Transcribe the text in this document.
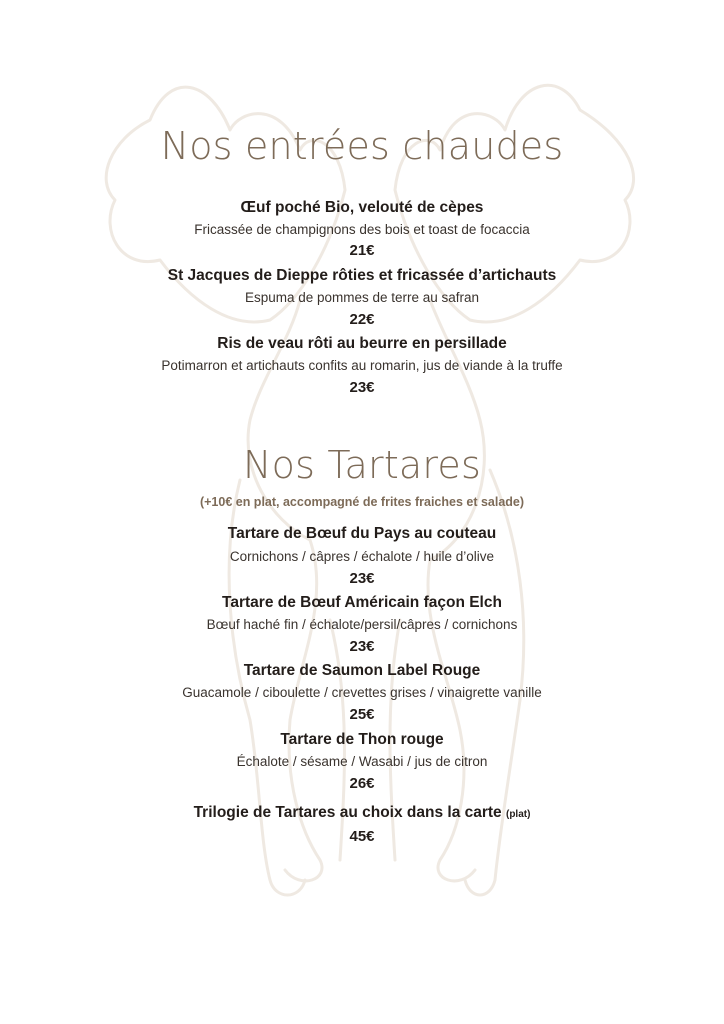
Nos entrées chaudes
Œuf poché Bio, velouté de cèpes
Fricassée de champignons des bois et toast de focaccia
21€
St Jacques de Dieppe rôties et fricassée d’artichauts
Espuma de pommes de terre au safran
22€
Ris de veau rôti au beurre en persillade
Potimarron et artichauts confits au romarin, jus de viande à la truffe
23€
Nos Tartares
(+10€ en plat, accompagné de frites fraiches et salade)
Tartare de Bœuf du Pays au couteau
Cornichons / câpres / échalote / huile d’olive
23€
Tartare de Bœuf Américain façon Elch
Bœuf haché fin / échalote/persil/câpres / cornichons
23€
Tartare de Saumon Label Rouge
Guacamole / ciboulette / crevettes grises / vinaigrette vanille
25€
Tartare de Thon rouge
Échalote / sésame / Wasabi / jus de citron
26€
Trilogie de Tartares au choix dans la carte (plat)
45€
